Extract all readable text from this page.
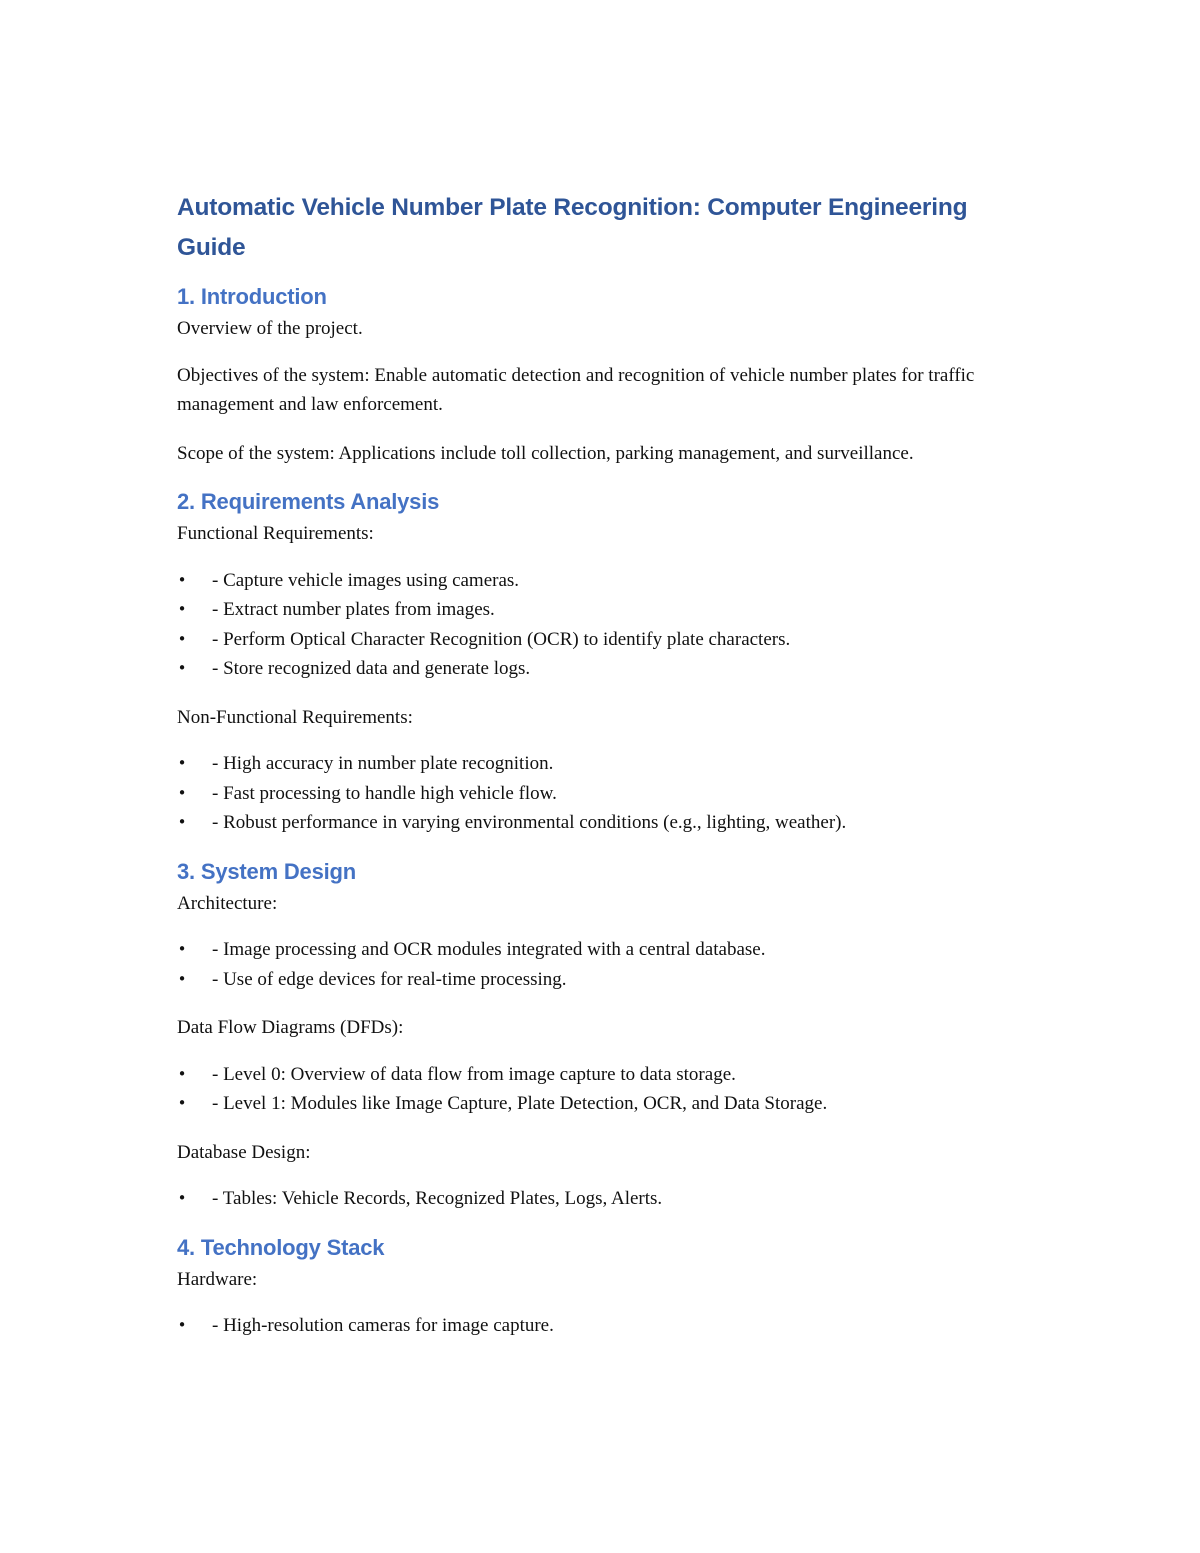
Automatic Vehicle Number Plate Recognition: Computer Engineering Guide
1. Introduction

Overview of the project.

Objectives of the system: Enable automatic detection and recognition of vehicle number plates for traffic management and law enforcement.

Scope of the system: Applications include toll collection, parking management, and surveillance.

2. Requirements Analysis

Functional Requirements:

• - Capture vehicle images using cameras.
• - Extract number plates from images.
• - Perform Optical Character Recognition (OCR) to identify plate characters.
• - Store recognized data and generate logs.

Non-Functional Requirements:

• - High accuracy in number plate recognition.
• - Fast processing to handle high vehicle flow.
• - Robust performance in varying environmental conditions (e.g., lighting, weather).
3. System Design

Architecture:

• - Image processing and OCR modules integrated with a central database.
• - Use of edge devices for real-time processing.

Data Flow Diagrams (DFDs):

• - Level 0: Overview of data flow from image capture to data storage.
• - Level 1: Modules like Image Capture, Plate Detection, OCR, and Data Storage.

Database Design:

• - Tables: Vehicle Records, Recognized Plates, Logs, Alerts.
4. Technology Stack

Hardware:

• - High-resolution cameras for image capture.
